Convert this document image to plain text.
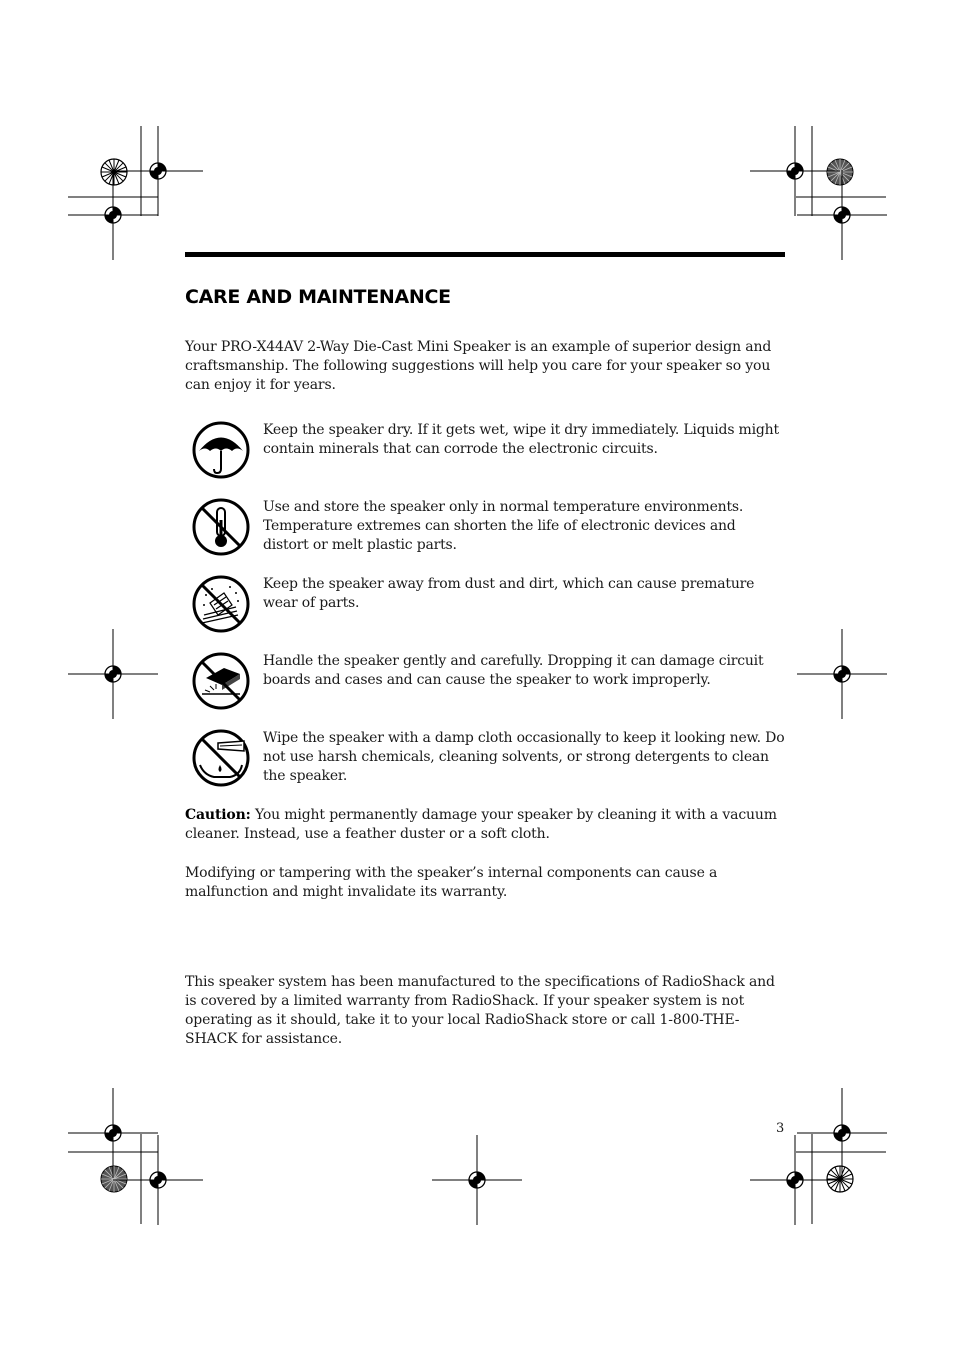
CARE AND MAINTENANCE

Your PRO-X44AV 2-Way Die-Cast Mini Speaker is an example of superior design and craftsmanship. The following suggestions will help you care for your speaker so you can enjoy it for years.

Keep the speaker dry. If it gets wet, wipe it dry immediately. Liquids might contain minerals that can corrode the electronic circuits.

Use and store the speaker only in normal temperature environments. Temperature extremes can shorten the life of electronic devices and distort or melt plastic parts.

Keep the speaker away from dust and dirt, which can cause premature wear of parts.

Handle the speaker gently and carefully. Dropping it can damage circuit boards and cases and can cause the speaker to work improperly.

Wipe the speaker with a damp cloth occasionally to keep it looking new. Do not use harsh chemicals, cleaning solvents, or strong detergents to clean the speaker.

Caution: You might permanently damage your speaker by cleaning it with a vacuum cleaner. Instead, use a feather duster or a soft cloth.

Modifying or tampering with the speaker’s internal components can cause a malfunction and might invalidate its warranty.

This speaker system has been manufactured to the specifications of RadioShack and is covered by a limited warranty from RadioShack. If your speaker system is not operating as it should, take it to your local RadioShack store or call 1-800-THE-SHACK for assistance.

3
